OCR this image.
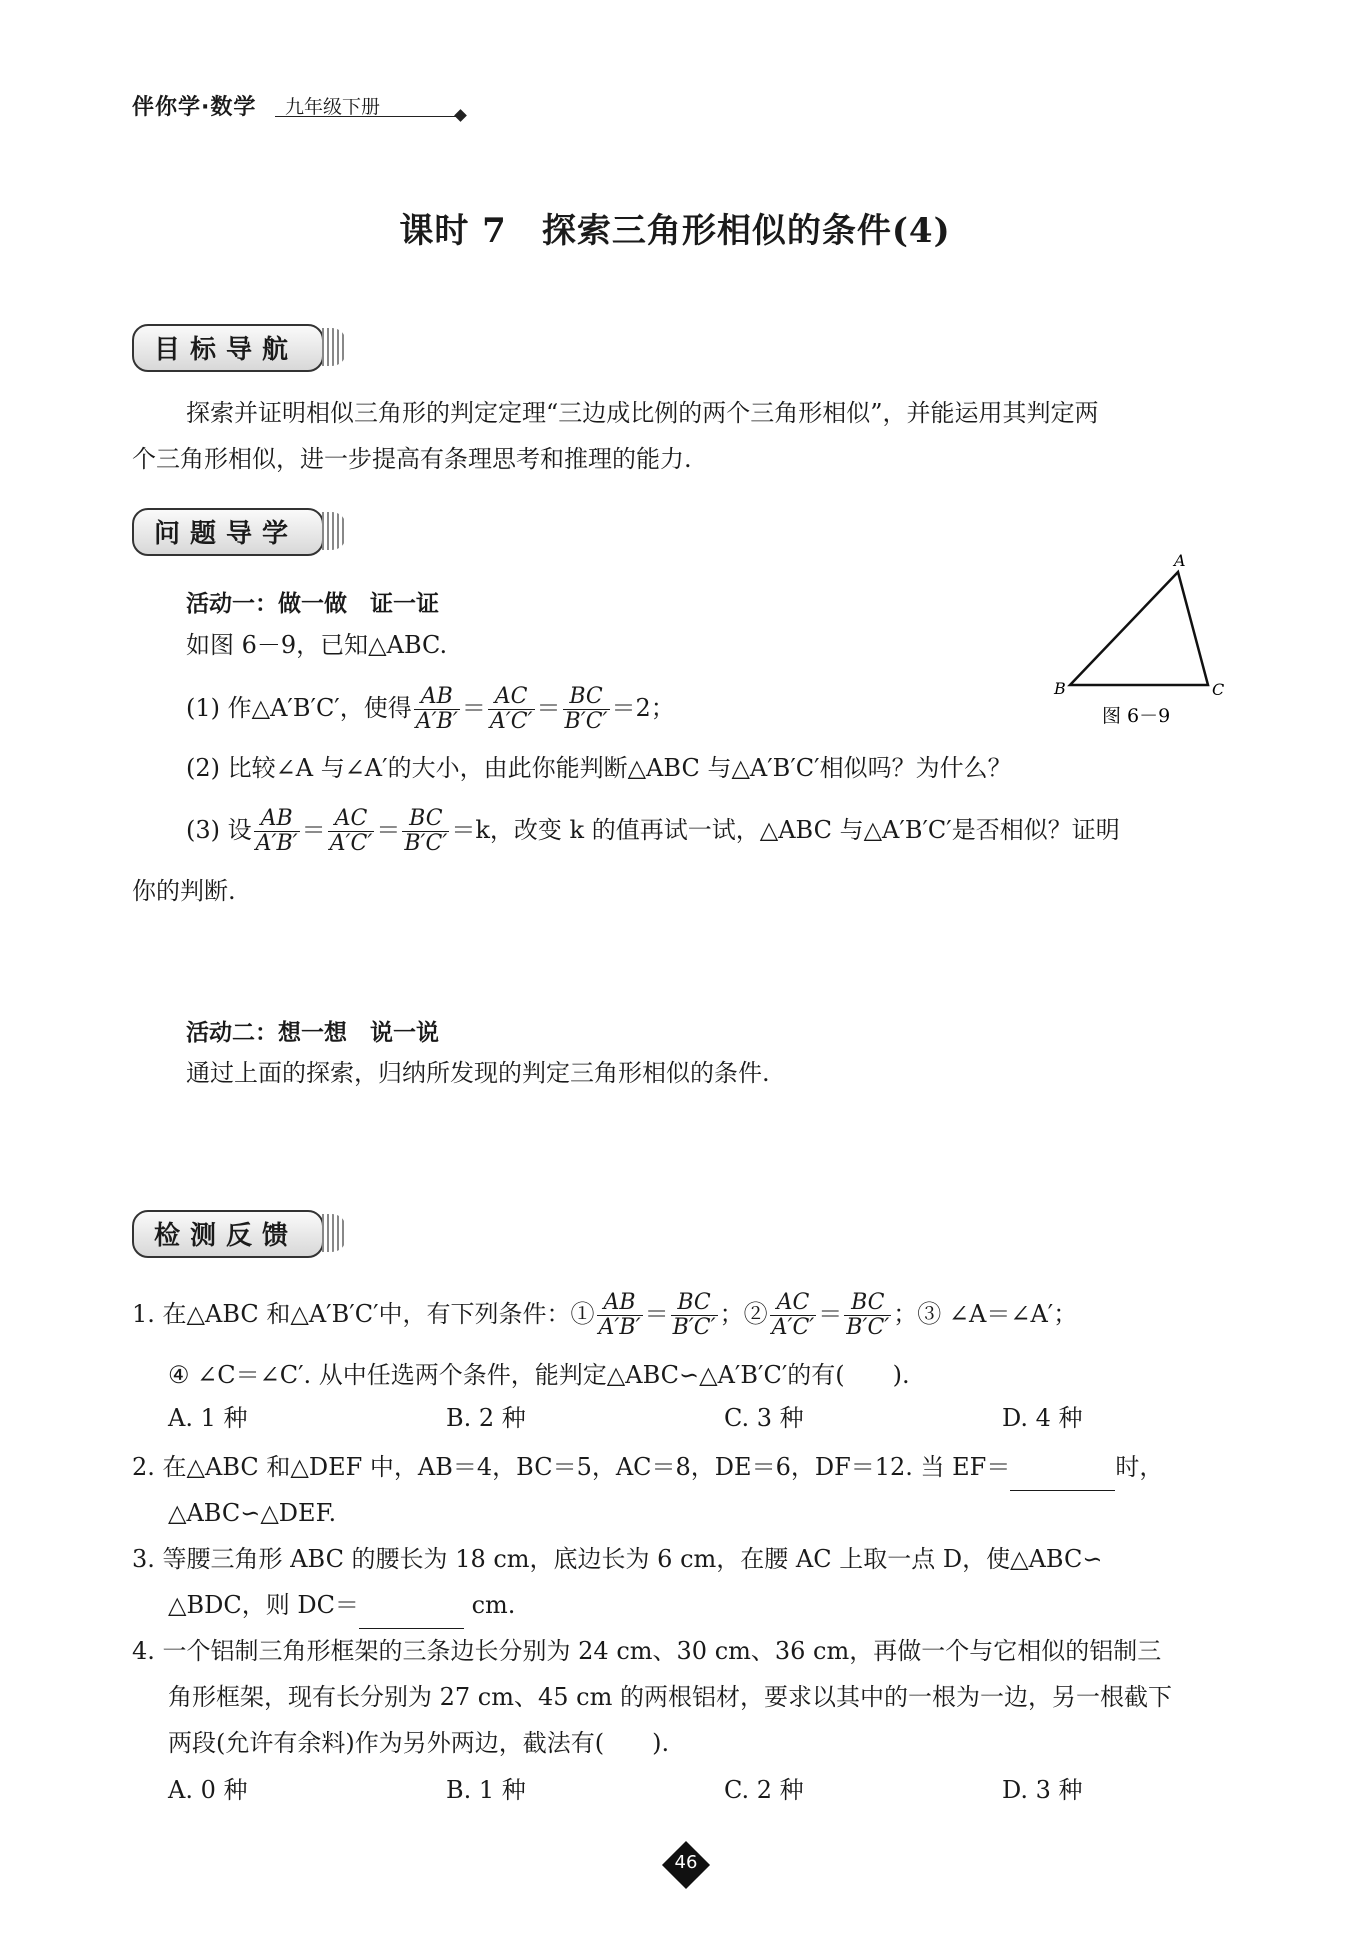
伴你学·数学 九年级下册
课时 7　探索三角形相似的条件(4)
目标导航
探索并证明相似三角形的判定定理“三边成比例的两个三角形相似”，并能运用其判定两
个三角形相似，进一步提高有条理思考和推理的能力.
问题导学
活动一：做一做　证一证
如图 6－9，已知△ABC.
(1) 作△A′B′C′，使得 $\frac{AB}{A'B'} = \frac{AC}{A'C'} = \frac{BC}{B'C'} =2$；
(2) 比较∠A 与∠A′的大小，由此你能判断△ABC 与△A′B′C′相似吗？为什么？
(3) 设 $\frac{AB}{A'B'} = \frac{AC}{A'C'} = \frac{BC}{B'C'} =k$，改变 k 的值再试一试，△ABC 与△A′B′C′是否相似？证明
你的判断.
A
B	C
图 6－9
活动二：想一想　说一说
通过上面的探索，归纳所发现的判定三角形相似的条件.
检测反馈
1. 在△ABC 和△A′B′C′中，有下列条件：① $\frac{AB}{A'B'} = \frac{BC}{B'C'}$ ；② $\frac{AC}{A'C'} = \frac{BC}{B'C'}$ ；③ ∠A＝∠A′；
④ ∠C＝∠C′. 从中任选两个条件，能判定△ABC∽△A′B′C′的有(　　).
A. 1 种	B. 2 种	C. 3 种	D. 4 种
2. 在△ABC 和△DEF 中，AB＝4，BC＝5，AC＝8，DE＝6，DF＝12. 当 EF＝	时，
△ABC∽△DEF.
3. 等腰三角形 ABC 的腰长为 18 cm，底边长为 6 cm，在腰 AC 上取一点 D，使△ABC∽
△BDC，则 DC＝	cm.
4. 一个铝制三角形框架的三条边长分别为 24 cm、30 cm、36 cm，再做一个与它相似的铝制三
角形框架，现有长分别为 27 cm、45 cm 的两根铝材，要求以其中的一根为一边，另一根截下
两段(允许有余料)作为另外两边，截法有(　　).
A. 0 种	B. 1 种	C. 2 种	D. 3 种
46
